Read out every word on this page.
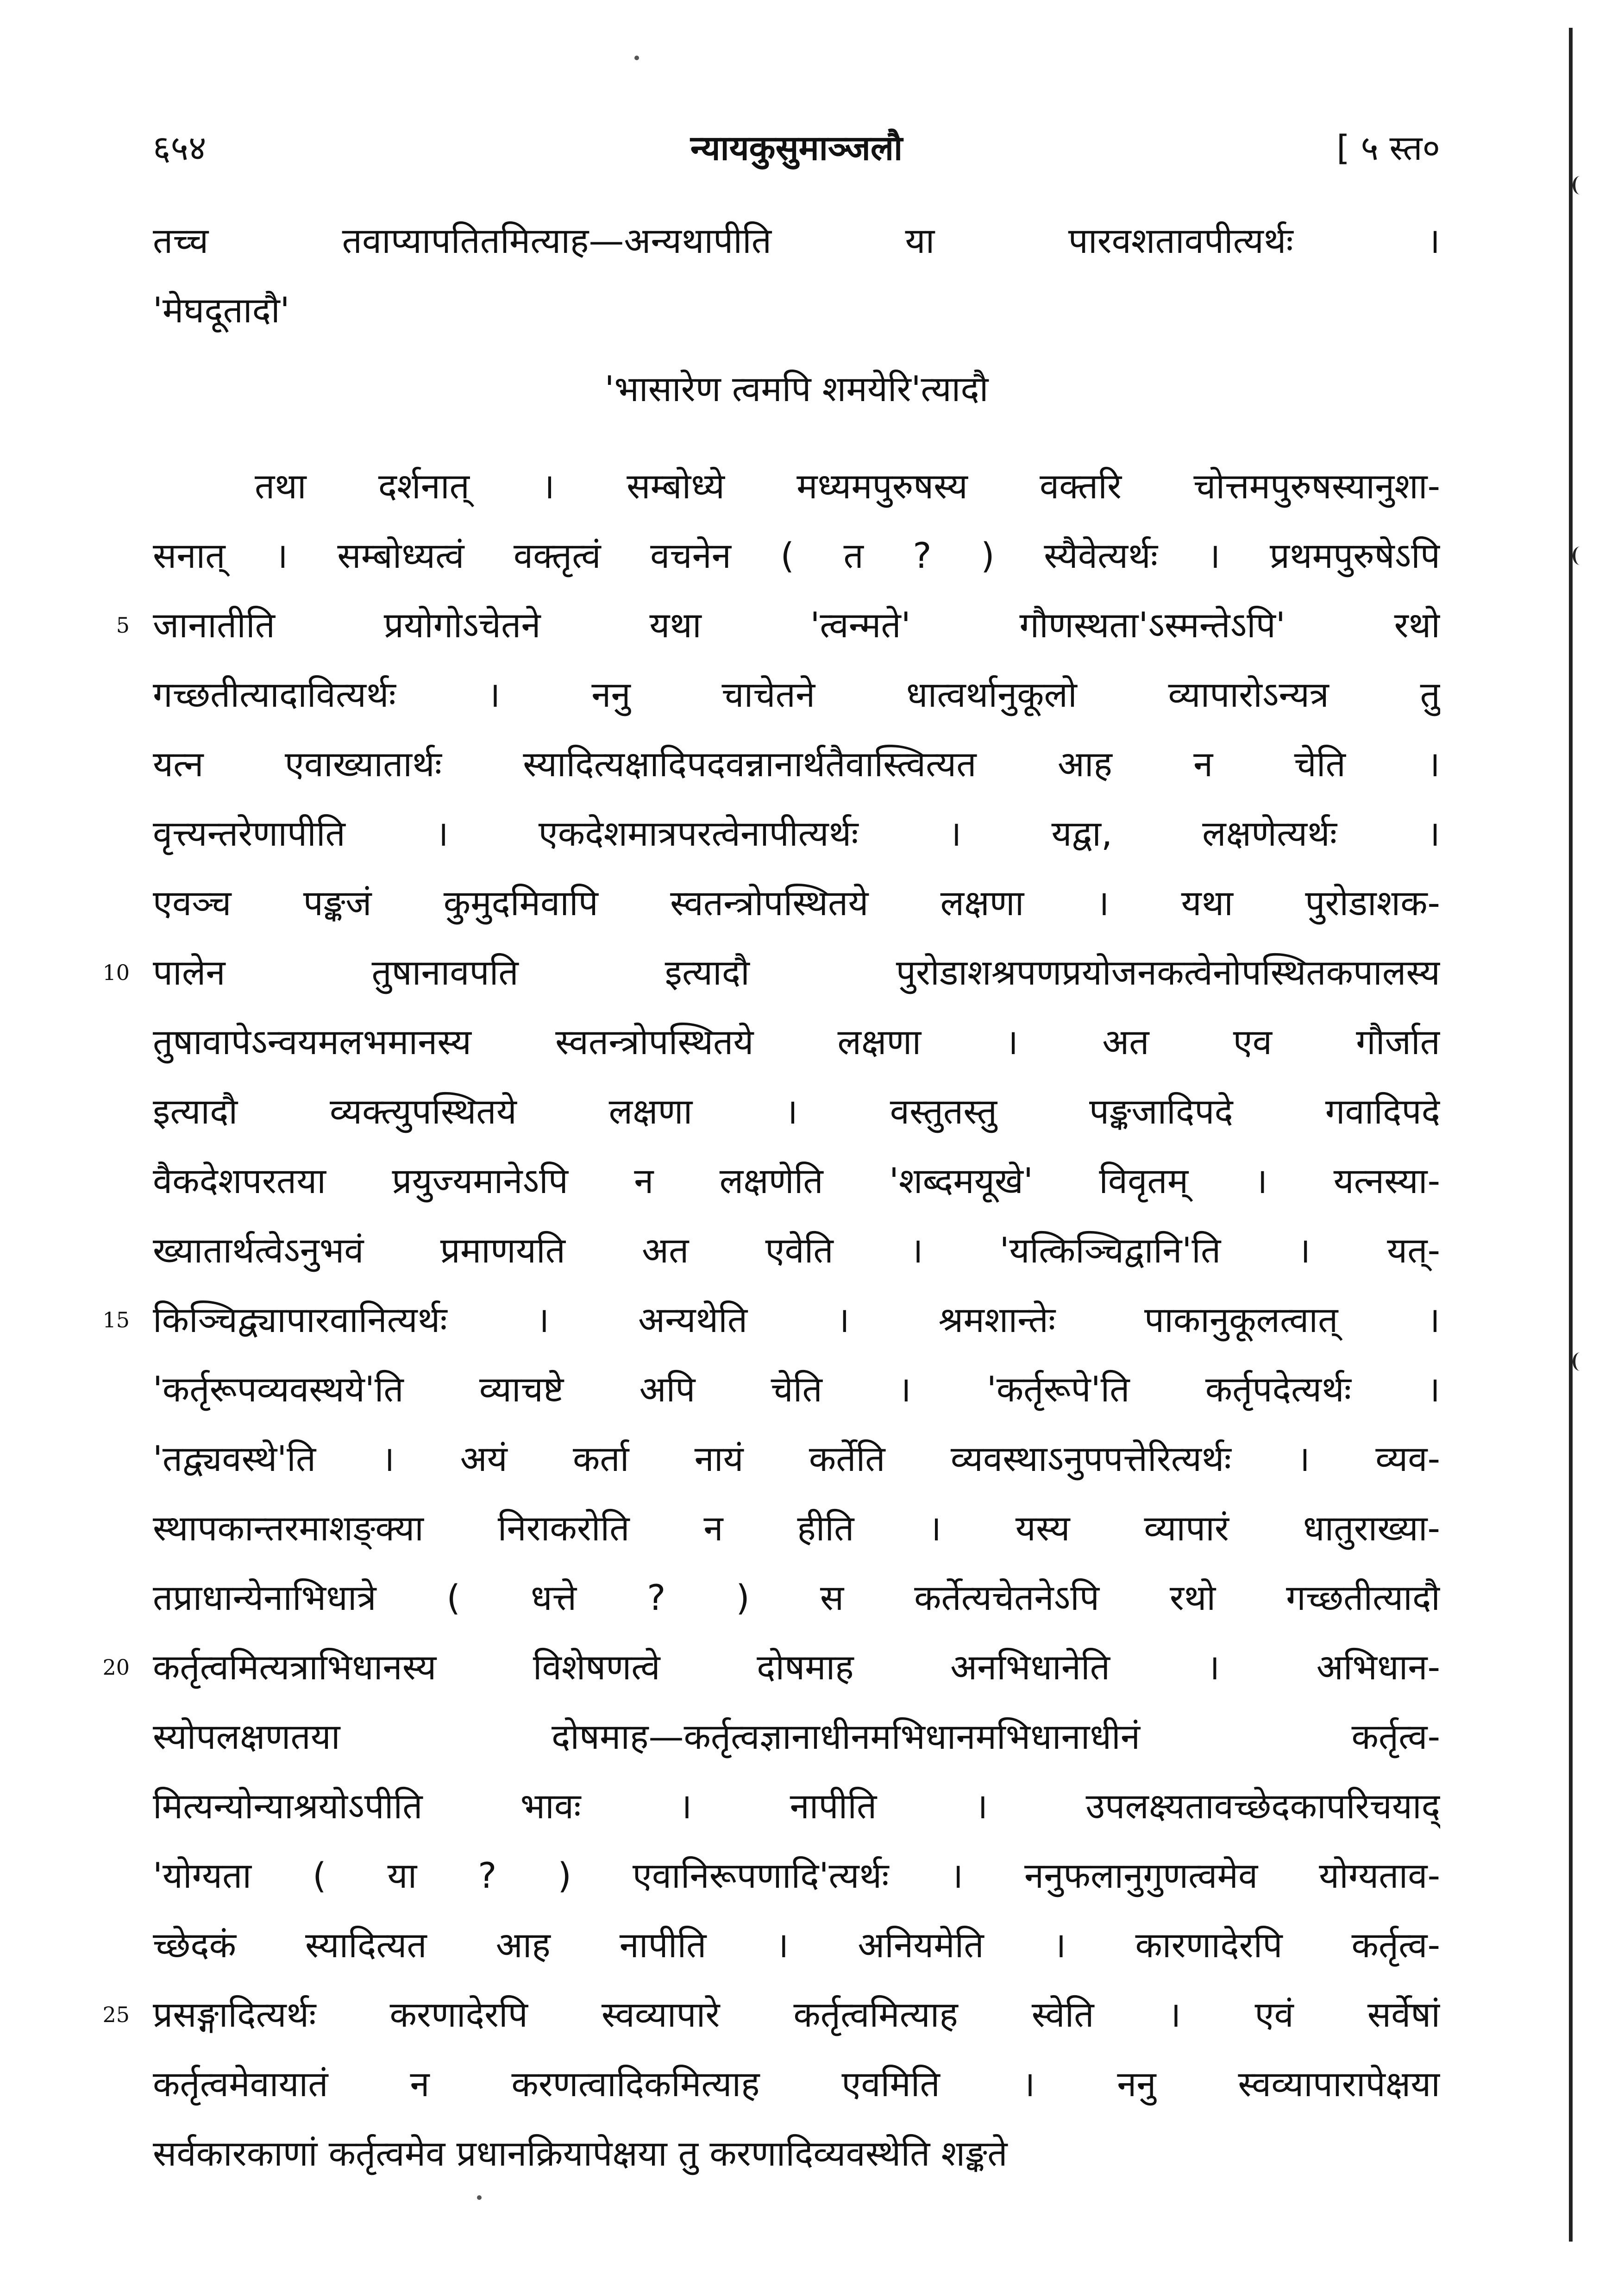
६५४	न्यायकुसुमाञ्जलौ	[ ५ स्त०
तच्च तवाप्यापतितमित्याह—अन्यथापीति या पारवशतावपीत्यर्थः ।
'मेघदूतादौ'
'भासारेण त्वमपि शमयेरि'त्यादौ
तथा दर्शनात् । सम्बोध्ये मध्यमपुरुषस्य वक्तरि चोत्तमपुरुषस्यानुशा-
सनात् । सम्बोध्यत्वं वक्तृत्वं वचनेन ( त ? ) स्यैवेत्यर्थः । प्रथमपुरुषेऽपि
जानातीति प्रयोगोऽचेतने यथा 'त्वन्मते' गौणस्थता'ऽस्मन्तेऽपि' रथो
गच्छतीत्यादावित्यर्थः । ननु चाचेतने धात्वर्थानुकूलो व्यापारोऽन्यत्र तु
यत्न एवाख्यातार्थः स्यादित्यक्षादिपदवन्नानार्थतैवास्त्वित्यत आह न चेति ।
वृत्त्यन्तरेणापीति । एकदेशमात्रपरत्वेनापीत्यर्थः । यद्वा, लक्षणेत्यर्थः ।
एवञ्च पङ्कजं कुमुदमिवापि स्वतन्त्रोपस्थितये लक्षणा । यथा पुरोडाशक-
पालेन तुषानावपति इत्यादौ पुरोडाशश्रपणप्रयोजनकत्वेनोपस्थितकपालस्य
तुषावापेऽन्वयमलभमानस्य स्वतन्त्रोपस्थितये लक्षणा । अत एव गौर्जात
इत्यादौ व्यक्त्युपस्थितये लक्षणा । वस्तुतस्तु पङ्कजादिपदे गवादिपदे
वैकदेशपरतया प्रयुज्यमानेऽपि न लक्षणेति 'शब्दमयूखे' विवृतम् । यत्नस्या-
ख्यातार्थत्वेऽनुभवं प्रमाणयति अत एवेति । 'यत्किञ्चिद्वानि'ति । यत्-
किञ्चिद्व्यापारवानित्यर्थः । अन्यथेति । श्रमशान्तेः पाकानुकूलत्वात् ।
'कर्तृरूपव्यवस्थये'ति व्याचष्टे अपि चेति । 'कर्तृरूपे'ति कर्तृपदेत्यर्थः ।
'तद्व्यवस्थे'ति । अयं कर्ता नायं कर्तेति व्यवस्थाऽनुपपत्तेरित्यर्थः । व्यव-
स्थापकान्तरमाशङ्क्या निराकरोति न हीति । यस्य व्यापारं धातुराख्या-
तप्राधान्येनाभिधात्रे ( धत्ते ? ) स कर्तेत्यचेतनेऽपि रथो गच्छतीत्यादौ
कर्तृत्वमित्यत्राभिधानस्य विशेषणत्वे दोषमाह अनभिधानेति । अभिधान-
स्योपलक्षणतया दोषमाह—कर्तृत्वज्ञानाधीनमभिधानमभिधानाधीनं कर्तृत्व-
मित्यन्योन्याश्रयोऽपीति भावः । नापीति । उपलक्ष्यतावच्छेदकापरिचयाद्
'योग्यता ( या ? ) एवानिरूपणादि'त्यर्थः । ननुफलानुगुणत्वमेव योग्यताव-
च्छेदकं स्यादित्यत आह नापीति । अनियमेति । कारणादेरपि कर्तृत्व-
प्रसङ्गादित्यर्थः करणादेरपि स्वव्यापारे कर्तृत्वमित्याह स्वेति । एवं सर्वेषां
कर्तृत्वमेवायातं न करणत्वादिकमित्याह एवमिति । ननु स्वव्यापारापेक्षया
सर्वकारकाणां कर्तृत्वमेव प्रधानक्रियापेक्षया तु करणादिव्यवस्थेति शङ्कते
5
10
15
20
25
